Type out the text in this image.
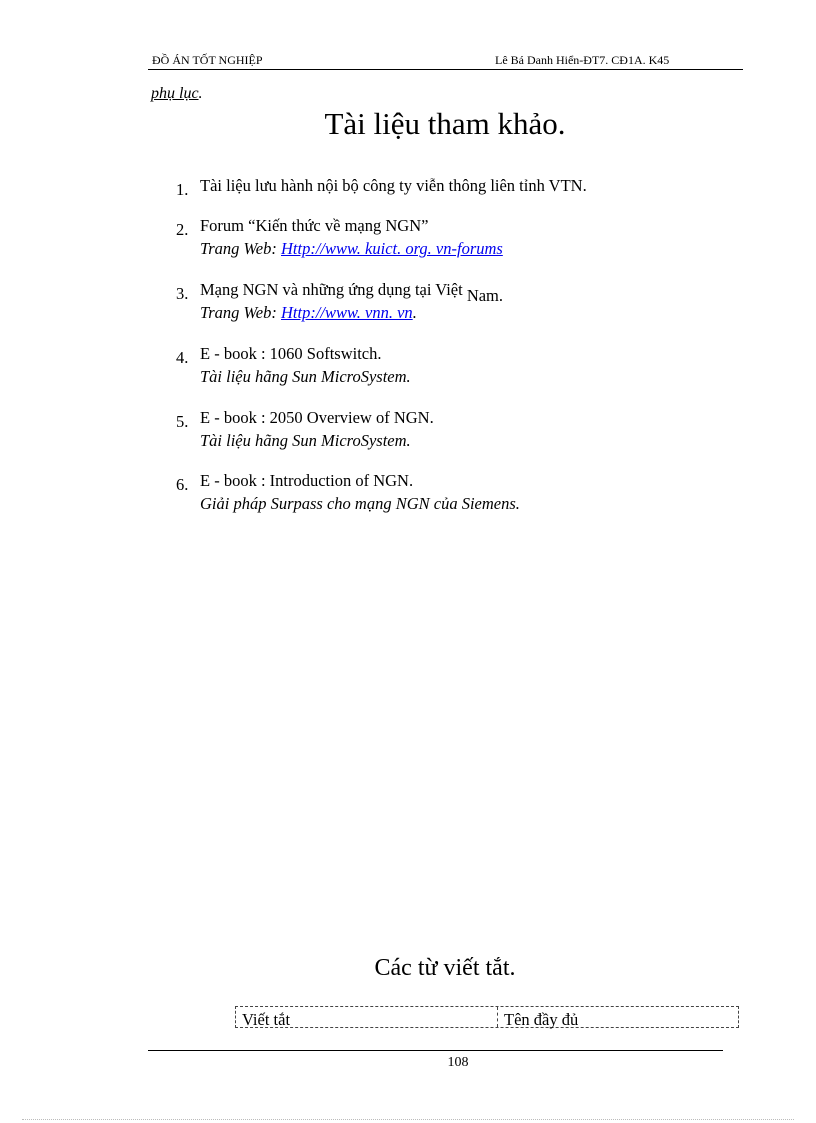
ĐỒ ÁN TỐT NGHIỆP	Lê Bá Danh Hiển-ĐT7. CĐ1A. K45
phụ lục.
Tài liệu tham khảo.
1. Tài liệu lưu hành nội bộ công ty viễn thông liên tỉnh VTN.
2. Forum “Kiến thức về mạng NGN”
Trang Web: Http://www. kuict. org. vn-forums
3. Mạng NGN và những ứng dụng tại Việt Nam.
Trang Web: Http://www. vnn. vn.
4. E - book : 1060 Softswitch.
Tài liệu hãng Sun MicroSystem.
5. E - book : 2050 Overview of NGN.
Tài liệu hãng Sun MicroSystem.
6. E - book : Introduction of NGN.
Giải pháp Surpass cho mạng NGN của Siemens.
Các từ viết tắt.
Viết tắt	Tên đầy đủ
108
